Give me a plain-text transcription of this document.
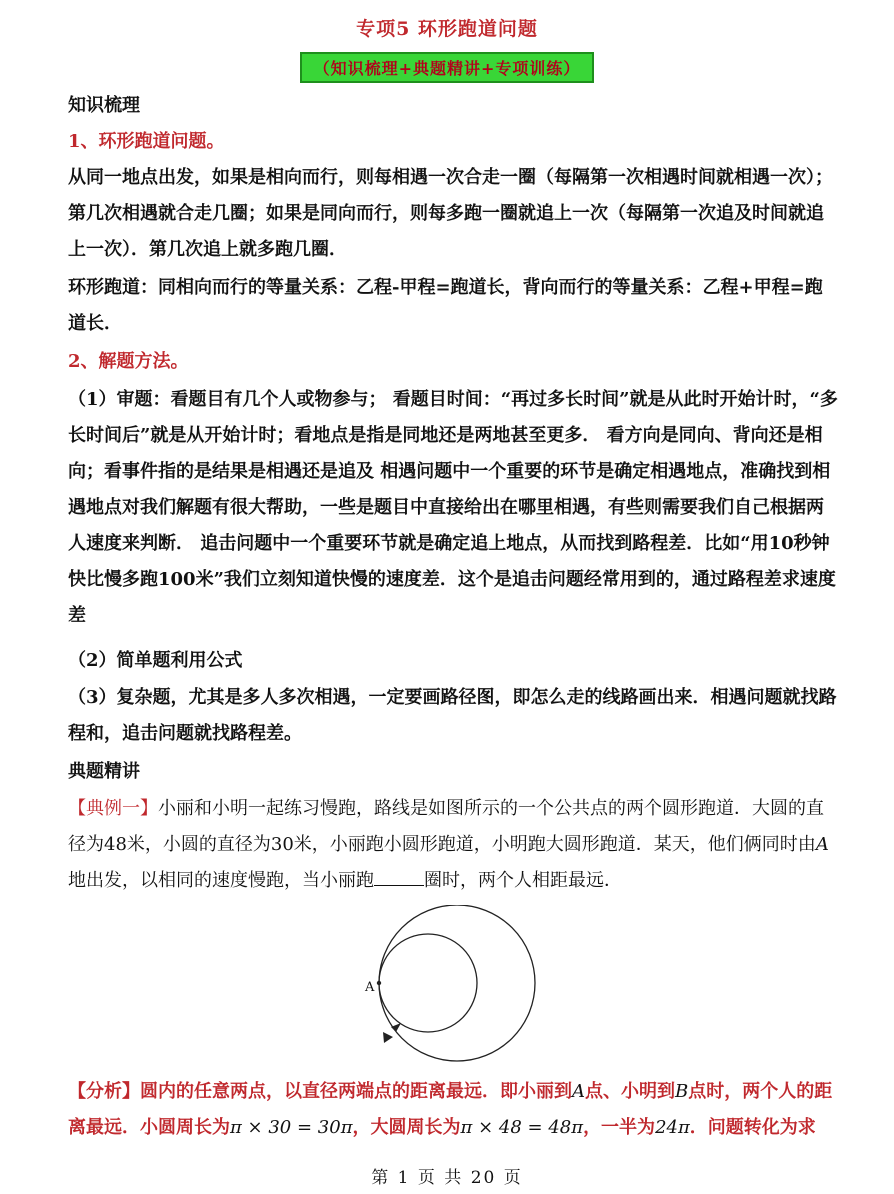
专项5 环形跑道问题
（知识梳理+典题精讲+专项训练）

知识梳理

1、环形跑道问题。

从同一地点出发，如果是相向而行，则每相遇一次合走一圈（每隔第一次相遇时间就相遇一次）；第几次相遇就合走几圈；如果是同向而行，则每多跑一圈就追上一次（每隔第一次追及时间就追上一次）．第几次追上就多跑几圈．

环形跑道：同相向而行的等量关系：乙程-甲程=跑道长，背向而行的等量关系：乙程+甲程=跑道长．

2、解题方法。

（1）审题：看题目有几个人或物参与； 看题目时间：“再过多长时间”就是从此时开始计时，“多长时间后”就是从开始计时；看地点是指是同地还是两地甚至更多． 看方向是同向、背向还是相向；看事件指的是结果是相遇还是追及 相遇问题中一个重要的环节是确定相遇地点，准确找到相遇地点对我们解题有很大帮助，一些是题目中直接给出在哪里相遇，有些则需要我们自己根据两人速度来判断． 追击问题中一个重要环节就是确定追上地点，从而找到路程差．比如“用10秒钟快比慢多跑100米”我们立刻知道快慢的速度差．这个是追击问题经常用到的，通过路程差求速度差

（2）简单题利用公式

（3）复杂题，尤其是多人多次相遇，一定要画路径图，即怎么走的线路画出来．相遇问题就找路程和，追击问题就找路程差。

典题精讲

【典例一】小丽和小明一起练习慢跑，路线是如图所示的一个公共点的两个圆形跑道．大圆的直径为48米，小圆的直径为30米，小丽跑小圆形跑道，小明跑大圆形跑道．某天，他们俩同时由A地出发，以相同的速度慢跑，当小丽跑	圈时，两个人相距最远．

A

【分析】圆内的任意两点，以直径两端点的距离最远．即小丽到A点、小明到B点时，两个人的距离最远．小圆周长为π × 30 = 30π，大圆周长为π × 48 = 48π，一半为24π．问题转化为求

第 1 页 共 20 页
